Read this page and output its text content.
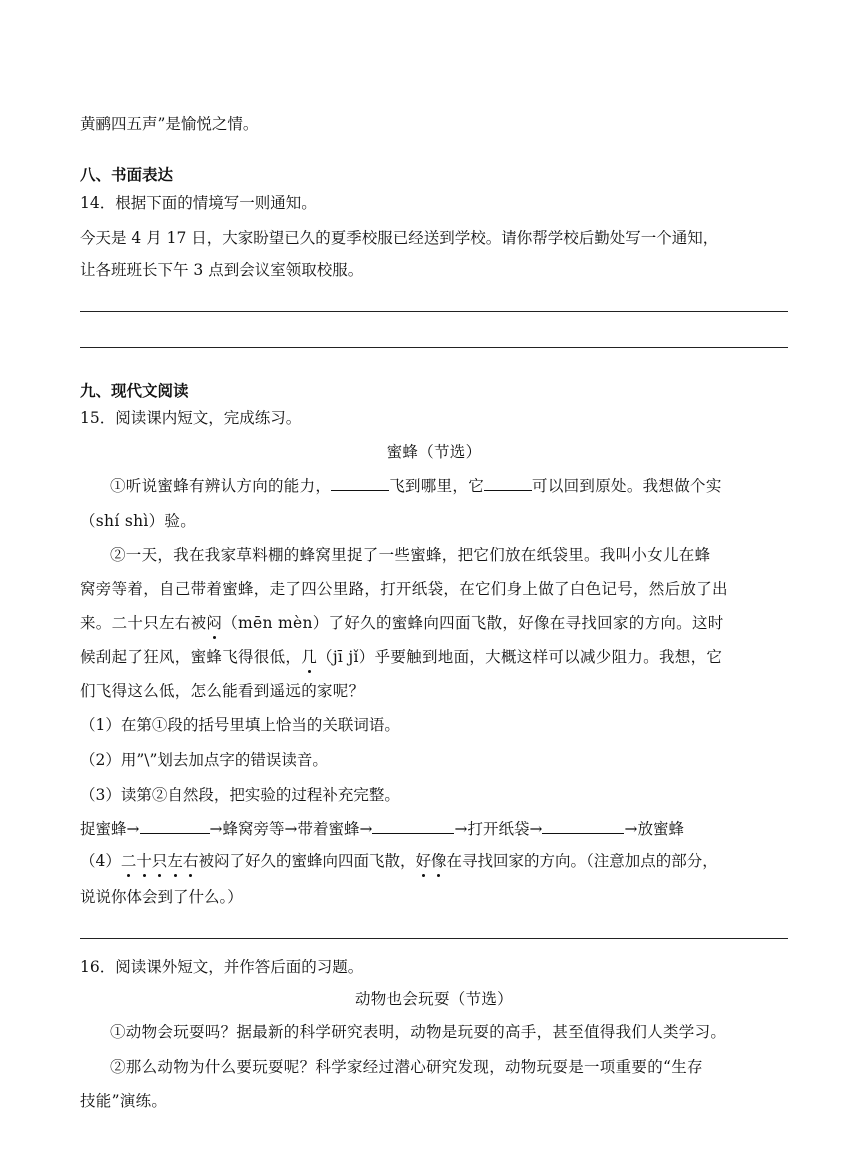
黄鹂四五声”是愉悦之情。
八、书面表达
14．根据下面的情境写一则通知。
今天是 4 月 17 日，大家盼望已久的夏季校服已经送到学校。请你帮学校后勤处写一个通知，
让各班班长下午 3 点到会议室领取校服。
九、现代文阅读
15．阅读课内短文，完成练习。
蜜蜂（节选）
①听说蜜蜂有辨认方向的能力，	飞到哪里，它	可以回到原处。我想做个实
（shí shì）验。
②一天，我在我家草料棚的蜂窝里捉了一些蜜蜂，把它们放在纸袋里。我叫小女儿在蜂
窝旁等着，自己带着蜜蜂，走了四公里路，打开纸袋，在它们身上做了白色记号，然后放了出
来。二十只左右被闷（mēn mèn）了好久的蜜蜂向四面飞散，好像在寻找回家的方向。这时
候刮起了狂风，蜜蜂飞得很低，几（jī jǐ）乎要触到地面，大概这样可以减少阻力。我想，它
们飞得这么低，怎么能看到遥远的家呢？
（1）在第①段的括号里填上恰当的关联词语。
（2）用”\”划去加点字的错误读音。
（3）读第②自然段，把实验的过程补充完整。
捉蜜蜂→	→蜂窝旁等→带着蜜蜂→	→打开纸袋→	→放蜜蜂
（4）二十只左右被闷了好久的蜜蜂向四面飞散，好像在寻找回家的方向。（注意加点的部分，
说说你体会到了什么。）
16．阅读课外短文，并作答后面的习题。
动物也会玩耍（节选）
①动物会玩耍吗？据最新的科学研究表明，动物是玩耍的高手，甚至值得我们人类学习。
②那么动物为什么要玩耍呢？科学家经过潜心研究发现，动物玩耍是一项重要的“生存
技能”演练。
